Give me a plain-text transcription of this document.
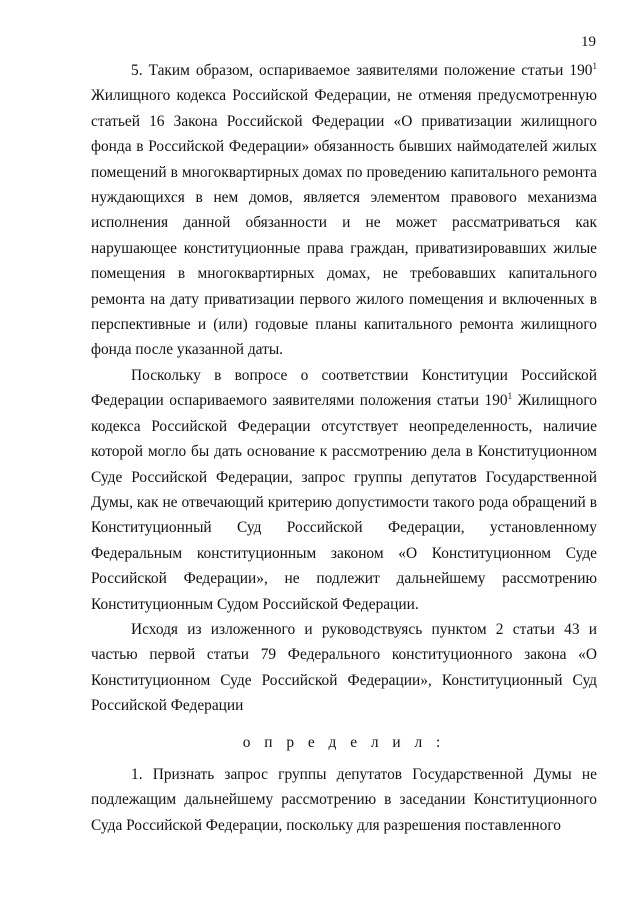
19

5. Таким образом, оспариваемое заявителями положение статьи $190^1$ Жилищного кодекса Российской Федерации, не отменяя предусмотренную статьей 16 Закона Российской Федерации «О приватизации жилищного фонда в Российской Федерации» обязанность бывших наймодателей жилых помещений в многоквартирных домах по проведению капитального ремонта нуждающихся в нем домов, является элементом правового механизма исполнения данной обязанности и не может рассматриваться как нарушающее конституционные права граждан, приватизировавших жилые помещения в многоквартирных домах, не требовавших капитального ремонта на дату приватизации первого жилого помещения и включенных в перспективные и (или) годовые планы капитального ремонта жилищного фонда после указанной даты.

Поскольку в вопросе о соответствии Конституции Российской Федерации оспариваемого заявителями положения статьи $190^1$ Жилищного кодекса Российской Федерации отсутствует неопределенность, наличие которой могло бы дать основание к рассмотрению дела в Конституционном Суде Российской Федерации, запрос группы депутатов Государственной Думы, как не отвечающий критерию допустимости такого рода обращений в Конституционный Суд Российской Федерации, установленному Федеральным конституционным законом «О Конституционном Суде Российской Федерации», не подлежит дальнейшему рассмотрению Конституционным Судом Российской Федерации.

Исходя из изложенного и руководствуясь пунктом 2 статьи 43 и частью первой статьи 79 Федерального конституционного закона «О Конституционном Суде Российской Федерации», Конституционный Суд Российской Федерации

о п р е д е л и л :

1. Признать запрос группы депутатов Государственной Думы не подлежащим дальнейшему рассмотрению в заседании Конституционного Суда Российской Федерации, поскольку для разрешения поставленного
